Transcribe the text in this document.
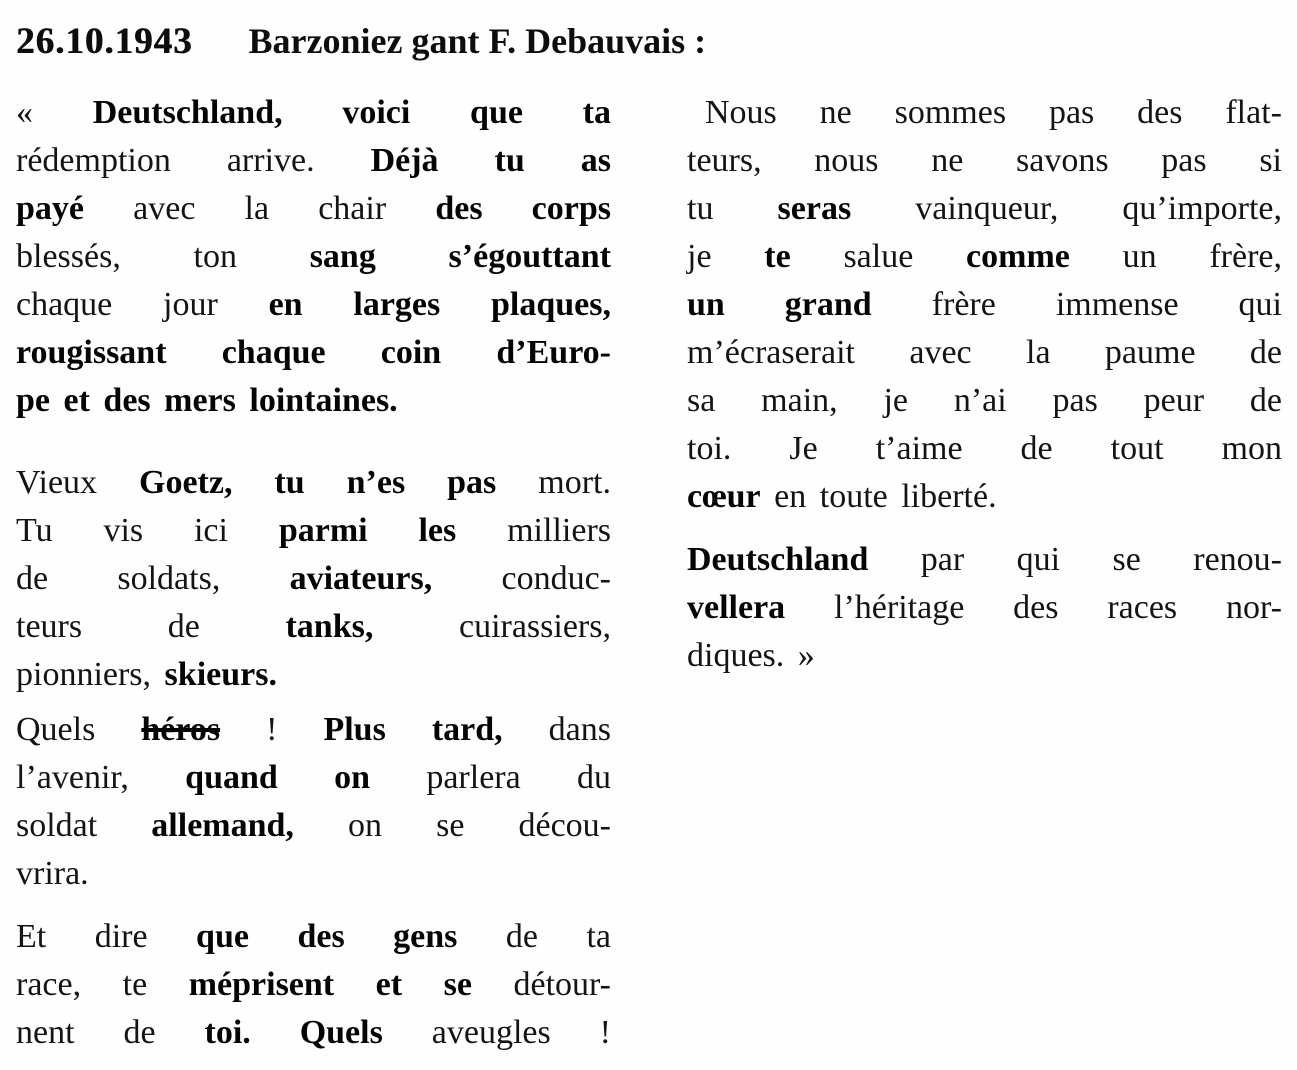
26.10.1943 Barzoniez gant F. Debauvais :
« Deutschland, voici que ta
rédemption arrive. Déjà tu as
payé avec la chair des corps
blessés, ton sang s’égouttant
chaque jour en larges plaques,
rougissant chaque coin d’Euro-
pe et des mers lointaines.
Vieux Goetz, tu n’es pas mort.
Tu vis ici parmi les milliers
de soldats, aviateurs, conduc-
teurs de tanks, cuirassiers,
pionniers, skieurs.
Quels héros ! Plus tard, dans
l’avenir, quand on parlera du
soldat allemand, on se décou-
vrira.
Et dire que des gens de ta
race, te méprisent et se détour-
nent de toi. Quels aveugles !
Nous ne sommes pas des flat-
teurs, nous ne savons pas si
tu seras vainqueur, qu’importe,
je te salue comme un frère,
un grand frère immense qui
m’écraserait avec la paume de
sa main, je n’ai pas peur de
toi. Je t’aime de tout mon
cœur en toute liberté.
Deutschland par qui se renou-
vellera l’héritage des races nor-
diques. »
